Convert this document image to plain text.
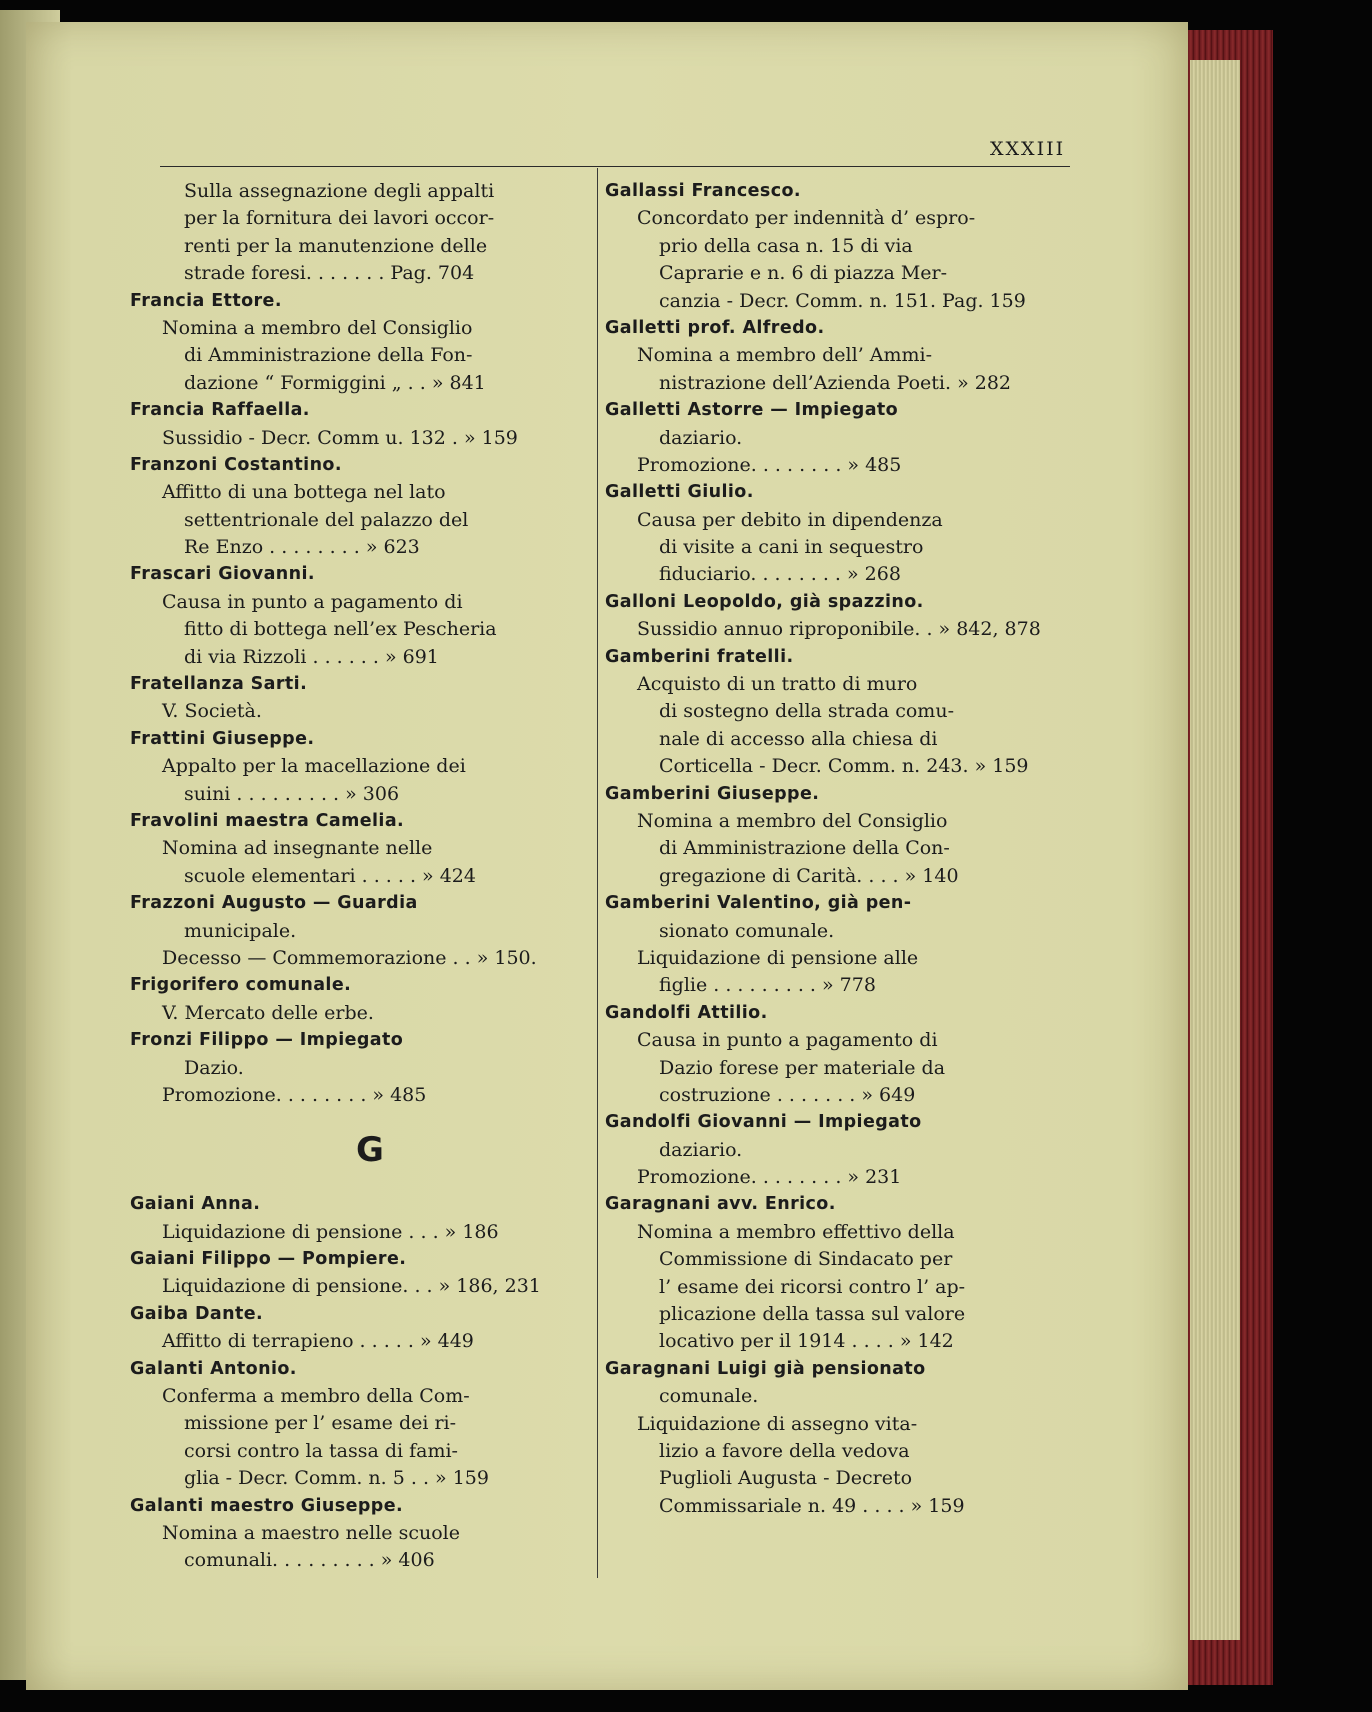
XXXIII
Sulla assegnazione degli appalti
per la fornitura dei lavori occor-
renti per la manutenzione delle
strade foresi. . . . . . . Pag. 704
Francia Ettore.
Nomina a membro del Consiglio
di Amministrazione della Fon-
dazione “ Formiggini „ . . » 841
Francia Raffaella.
Sussidio - Decr. Comm u. 132 . » 159
Franzoni Costantino.
Affitto di una bottega nel lato
settentrionale del palazzo del
Re Enzo . . . . . . . . » 623
Frascari Giovanni.
Causa in punto a pagamento di
fitto di bottega nell’ex Pescheria
di via Rizzoli . . . . . . » 691
Fratellanza Sarti.
V. Società.
Frattini Giuseppe.
Appalto per la macellazione dei
suini . . . . . . . . . » 306
Fravolini maestra Camelia.
Nomina ad insegnante nelle
scuole elementari . . . . . » 424
Frazzoni Augusto — Guardia
municipale.
Decesso — Commemorazione . . » 150.
Frigorifero comunale.
V. Mercato delle erbe.
Fronzi Filippo — Impiegato
Dazio.
Promozione. . . . . . . . » 485
G
Gaiani Anna.
Liquidazione di pensione . . . » 186
Gaiani Filippo — Pompiere.
Liquidazione di pensione. . . » 186, 231
Gaiba Dante.
Affitto di terrapieno . . . . . » 449
Galanti Antonio.
Conferma a membro della Com-
missione per l’ esame dei ri-
corsi contro la tassa di fami-
glia - Decr. Comm. n. 5 . . » 159
Galanti maestro Giuseppe.
Nomina a maestro nelle scuole
comunali. . . . . . . . . » 406
Gallassi Francesco.
Concordato per indennità d’ espro-
prio della casa n. 15 di via
Caprarie e n. 6 di piazza Mer-
canzia - Decr. Comm. n. 151. Pag. 159
Galletti prof. Alfredo.
Nomina a membro dell’ Ammi-
nistrazione dell’Azienda Poeti. » 282
Galletti Astorre — Impiegato
daziario.
Promozione. . . . . . . . » 485
Galletti Giulio.
Causa per debito in dipendenza
di visite a cani in sequestro
fiduciario. . . . . . . . » 268
Galloni Leopoldo, già spazzino.
Sussidio annuo riproponibile. . » 842, 878
Gamberini fratelli.
Acquisto di un tratto di muro
di sostegno della strada comu-
nale di accesso alla chiesa di
Corticella - Decr. Comm. n. 243. » 159
Gamberini Giuseppe.
Nomina a membro del Consiglio
di Amministrazione della Con-
gregazione di Carità. . . . » 140
Gamberini Valentino, già pen-
sionato comunale.
Liquidazione di pensione alle
figlie . . . . . . . . . » 778
Gandolfi Attilio.
Causa in punto a pagamento di
Dazio forese per materiale da
costruzione . . . . . . . » 649
Gandolfi Giovanni — Impiegato
daziario.
Promozione. . . . . . . . » 231
Garagnani avv. Enrico.
Nomina a membro effettivo della
Commissione di Sindacato per
l’ esame dei ricorsi contro l’ ap-
plicazione della tassa sul valore
locativo per il 1914 . . . . » 142
Garagnani Luigi già pensionato
comunale.
Liquidazione di assegno vita-
lizio a favore della vedova
Puglioli Augusta - Decreto
Commissariale n. 49 . . . . » 159
